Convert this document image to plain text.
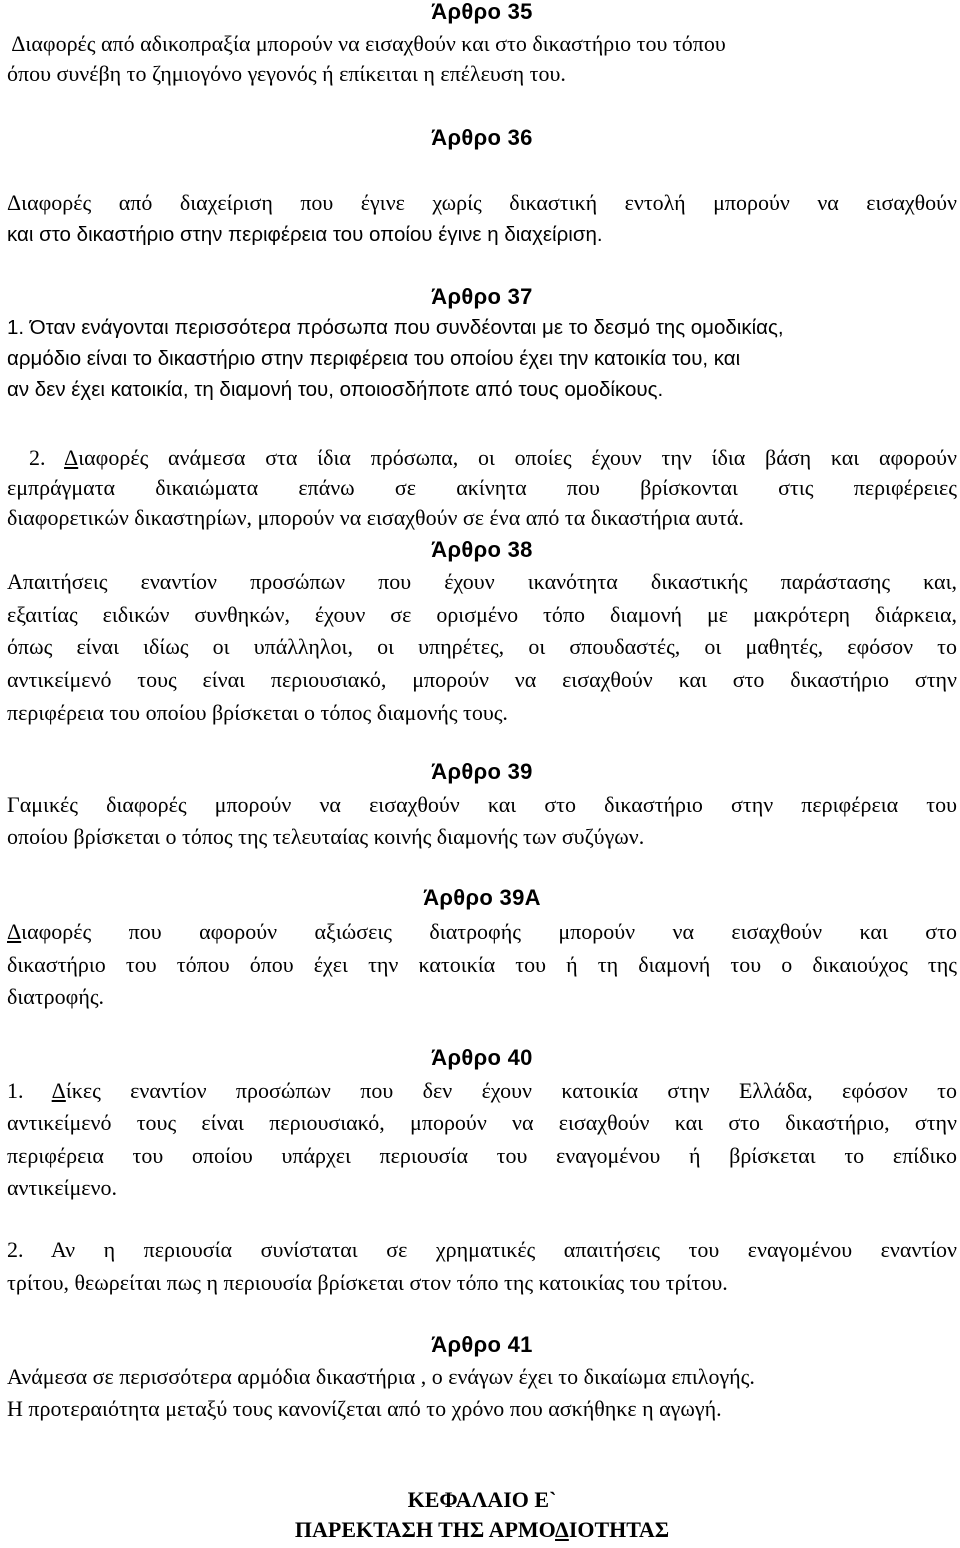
Άρθρο 35
Διαφορές από αδικοπραξία μπορούν να εισαχθούν και στο δικαστήριο του τόπου
όπου συνέβη το ζημιογόνο γεγονός ή επίκειται η επέλευση του.
Άρθρο 36
Διαφορές από διαχείριση που έγινε χωρίς δικαστική εντολή μπορούν να εισαχθούν
και στο δικαστήριο στην περιφέρεια του οποίου έγινε η διαχείριση.
Άρθρο 37
1. Όταν ενάγονται περισσότερα πρόσωπα που συνδέονται με το δεσμό της ομοδικίας,
αρμόδιο είναι το δικαστήριο στην περιφέρεια του οποίου έχει την κατοικία του, και
αν δεν έχει κατοικία, τη διαμονή του, οποιοσδήποτε από τους ομοδίκους.
2. Διαφορές ανάμεσα στα ίδια πρόσωπα, οι οποίες έχουν την ίδια βάση και αφορούν
εμπράγματα δικαιώματα επάνω σε ακίνητα που βρίσκονται στις περιφέρειες
διαφορετικών δικαστηρίων, μπορούν να εισαχθούν σε ένα από τα δικαστήρια αυτά.
Άρθρο 38
Απαιτήσεις εναντίον προσώπων που έχουν ικανότητα δικαστικής παράστασης και,
εξαιτίας ειδικών συνθηκών, έχουν σε ορισμένο τόπο διαμονή με μακρότερη διάρκεια,
όπως είναι ιδίως οι υπάλληλοι, οι υπηρέτες, οι σπουδαστές, οι μαθητές, εφόσον το
αντικείμενό τους είναι περιουσιακό, μπορούν να εισαχθούν και στο δικαστήριο στην
περιφέρεια του οποίου βρίσκεται ο τόπος διαμονής τους.
Άρθρο 39
Γαμικές διαφορές μπορούν να εισαχθούν και στο δικαστήριο στην περιφέρεια του
οποίου βρίσκεται ο τόπος της τελευταίας κοινής διαμονής των συζύγων.
Άρθρο 39Α
Διαφορές που αφορούν αξιώσεις διατροφής μπορούν να εισαχθούν και στο
δικαστήριο του τόπου όπου έχει την κατοικία του ή τη διαμονή του ο δικαιούχος της
διατροφής.
Άρθρο 40
1. Δίκες εναντίον προσώπων που δεν έχουν κατοικία στην Ελλάδα, εφόσον το
αντικείμενό τους είναι περιουσιακό, μπορούν να εισαχθούν και στο δικαστήριο, στην
περιφέρεια του οποίου υπάρχει περιουσία του εναγομένου ή βρίσκεται το επίδικο
αντικείμενο.
2. Αν η περιουσία συνίσταται σε χρηματικές απαιτήσεις του εναγομένου εναντίον
τρίτου, θεωρείται πως η περιουσία βρίσκεται στον τόπο της κατοικίας του τρίτου.
Άρθρο 41
Ανάμεσα σε περισσότερα αρμόδια δικαστήρια , ο ενάγων έχει το δικαίωμα επιλογής.
Η προτεραιότητα μεταξύ τους κανονίζεται από το χρόνο που ασκήθηκε η αγωγή.
ΚΕΦΑΛΑΙΟ Ε`
ΠΑΡΕΚΤΑΣΗ ΤΗΣ ΑΡΜΟΔΙΟΤΗΤΑΣ
